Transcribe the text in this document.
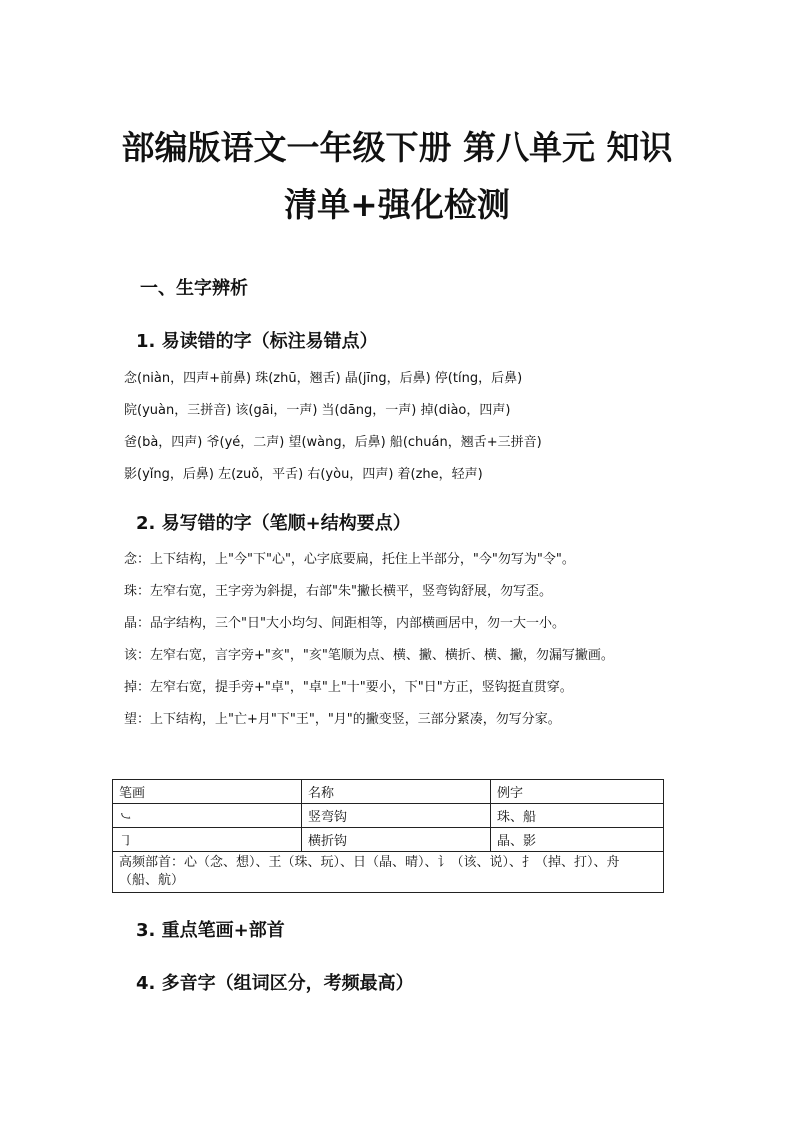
部编版语文一年级下册 第八单元 知识
清单+强化检测
一、生字辨析
1. 易读错的字（标注易错点）

念(niàn，四声+前鼻) 珠(zhū，翘舌) 晶(jīng，后鼻) 停(tíng，后鼻)

院(yuàn，三拼音) 该(gāi，一声) 当(dāng，一声) 掉(diào，四声)

爸(bà，四声) 爷(yé，二声) 望(wàng，后鼻) 船(chuán，翘舌+三拼音)

影(yǐng，后鼻) 左(zuǒ，平舌) 右(yòu，四声) 着(zhe，轻声)

2. 易写错的字（笔顺+结构要点）

念：上下结构，上"今"下"心"，心字底要扁，托住上半部分，"今"勿写为"令"。

珠：左窄右宽，王字旁为斜提，右部"朱"撇长横平，竖弯钩舒展，勿写歪。

晶：品字结构，三个"日"大小均匀、间距相等，内部横画居中，勿一大一小。

该：左窄右宽，言字旁+"亥"，"亥"笔顺为点、横、撇、横折、横、撇，勿漏写撇画。

掉：左窄右宽，提手旁+"卓"，"卓"上"十"要小，下"日"方正，竖钩挺直贯穿。

望：上下结构，上"亡+月"下"王"，"月"的撇变竖，三部分紧凑，勿写分家。

笔画	名称	例字
㇃	竖弯钩	珠、船
㇆	横折钩	晶、影
高频部首：心（念、想）、王（珠、玩）、日（晶、晴）、讠（该、说）、扌（掉、打）、舟（船、航）		
3. 重点笔画+部首
4. 多音字（组词区分，考频最高）
